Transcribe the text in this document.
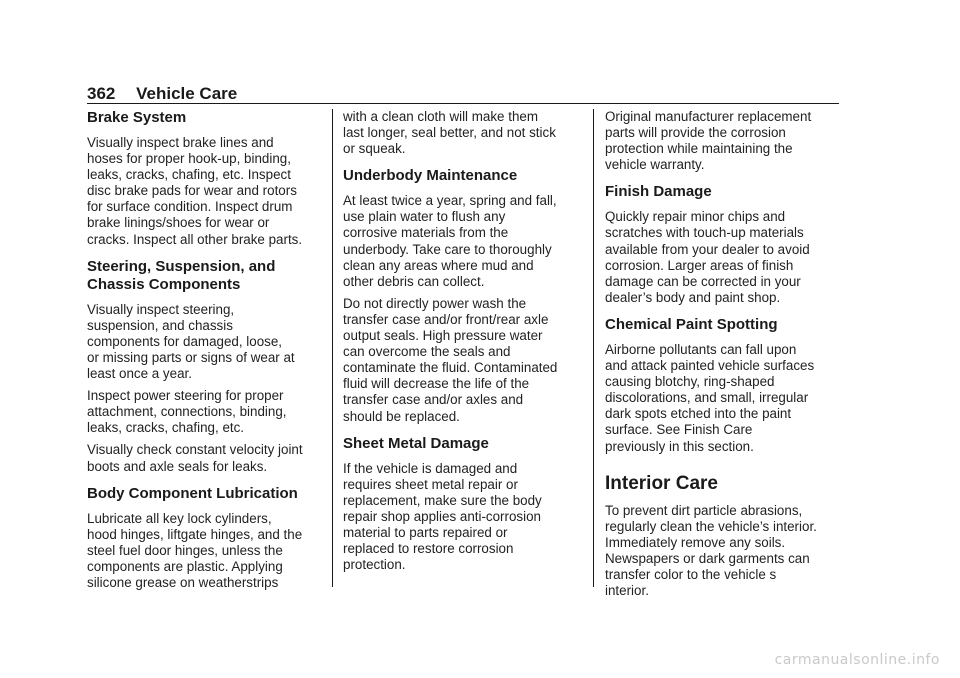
362 Vehicle Care
Brake System

Visually inspect brake lines and
hoses for proper hook-up, binding,
leaks, cracks, chafing, etc. Inspect
disc brake pads for wear and rotors
for surface condition. Inspect drum
brake linings/shoes for wear or
cracks. Inspect all other brake parts.

Steering, Suspension, and
Chassis Components

Visually inspect steering,
suspension, and chassis
components for damaged, loose,
or missing parts or signs of wear at
least once a year.

Inspect power steering for proper
attachment, connections, binding,
leaks, cracks, chafing, etc.

Visually check constant velocity joint
boots and axle seals for leaks.

Body Component Lubrication

Lubricate all key lock cylinders,
hood hinges, liftgate hinges, and the
steel fuel door hinges, unless the
components are plastic. Applying
silicone grease on weatherstrips

with a clean cloth will make them
last longer, seal better, and not stick
or squeak.

Underbody Maintenance

At least twice a year, spring and fall,
use plain water to flush any
corrosive materials from the
underbody. Take care to thoroughly
clean any areas where mud and
other debris can collect.

Do not directly power wash the
transfer case and/or front/rear axle
output seals. High pressure water
can overcome the seals and
contaminate the fluid. Contaminated
fluid will decrease the life of the
transfer case and/or axles and
should be replaced.

Sheet Metal Damage

If the vehicle is damaged and
requires sheet metal repair or
replacement, make sure the body
repair shop applies anti-corrosion
material to parts repaired or
replaced to restore corrosion
protection.

Original manufacturer replacement
parts will provide the corrosion
protection while maintaining the
vehicle warranty.

Finish Damage

Quickly repair minor chips and
scratches with touch-up materials
available from your dealer to avoid
corrosion. Larger areas of finish
damage can be corrected in your
dealer’s body and paint shop.

Chemical Paint Spotting

Airborne pollutants can fall upon
and attack painted vehicle surfaces
causing blotchy, ring-shaped
discolorations, and small, irregular
dark spots etched into the paint
surface. See Finish Care
previously in this section.

Interior Care

To prevent dirt particle abrasions,
regularly clean the vehicle’s interior.
Immediately remove any soils.
Newspapers or dark garments can
transfer color to the vehicle s
interior.

carmanualsonline.info
